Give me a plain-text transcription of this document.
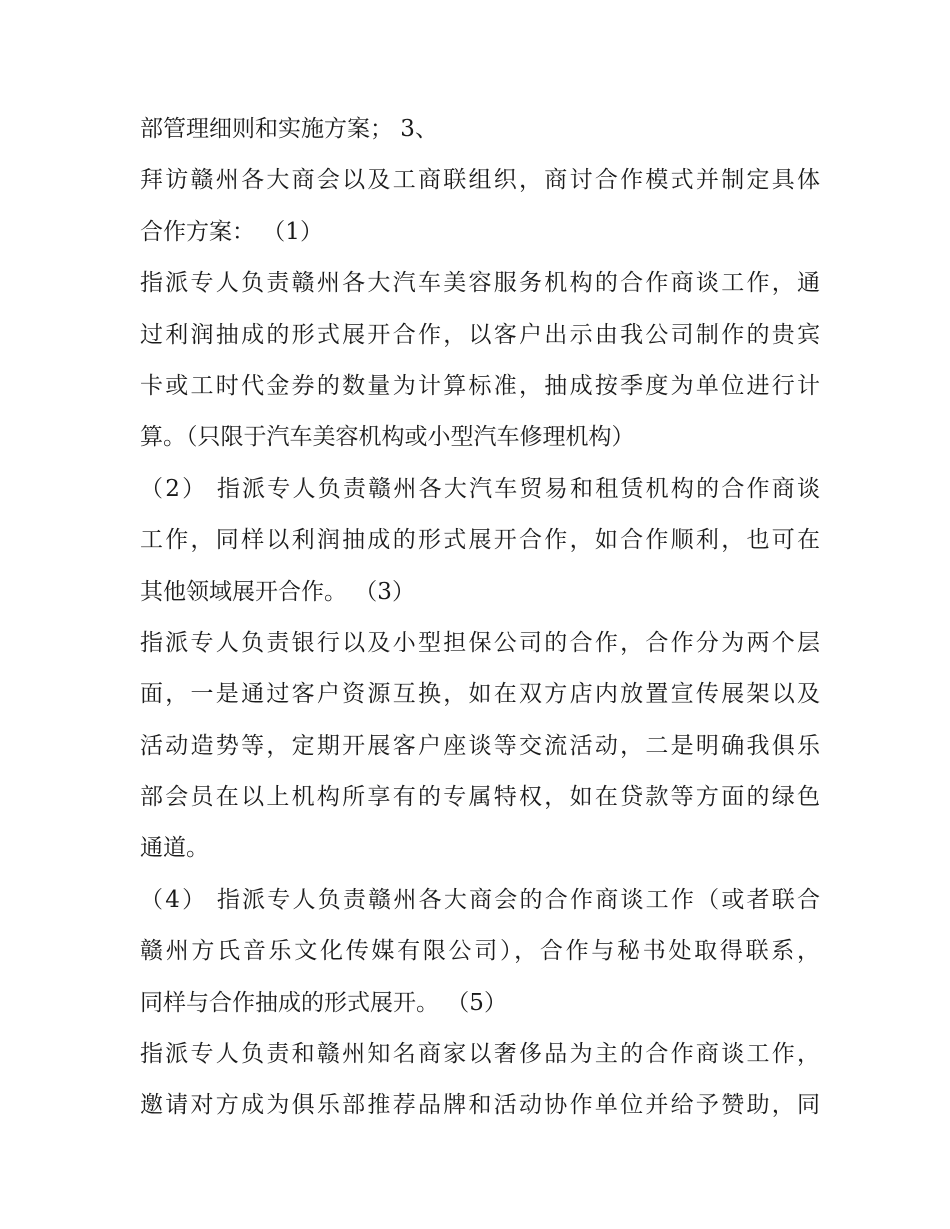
部管理细则和实施方案； 3、
拜访赣州各大商会以及工商联组织，商讨合作模式并制定具体
合作方案： （1）
指派专人负责赣州各大汽车美容服务机构的合作商谈工作，通
过利润抽成的形式展开合作，以客户出示由我公司制作的贵宾
卡或工时代金券的数量为计算标准，抽成按季度为单位进行计
算。（只限于汽车美容机构或小型汽车修理机构）
（2） 指派专人负责赣州各大汽车贸易和租赁机构的合作商谈
工作，同样以利润抽成的形式展开合作，如合作顺利，也可在
其他领域展开合作。 （3）
指派专人负责银行以及小型担保公司的合作，合作分为两个层
面，一是通过客户资源互换，如在双方店内放置宣传展架以及
活动造势等，定期开展客户座谈等交流活动，二是明确我俱乐
部会员在以上机构所享有的专属特权，如在贷款等方面的绿色
通道。
（4） 指派专人负责赣州各大商会的合作商谈工作（或者联合
赣州方氏音乐文化传媒有限公司），合作与秘书处取得联系，
同样与合作抽成的形式展开。 （5）
指派专人负责和赣州知名商家以奢侈品为主的合作商谈工作，
邀请对方成为俱乐部推荐品牌和活动协作单位并给予赞助，同
